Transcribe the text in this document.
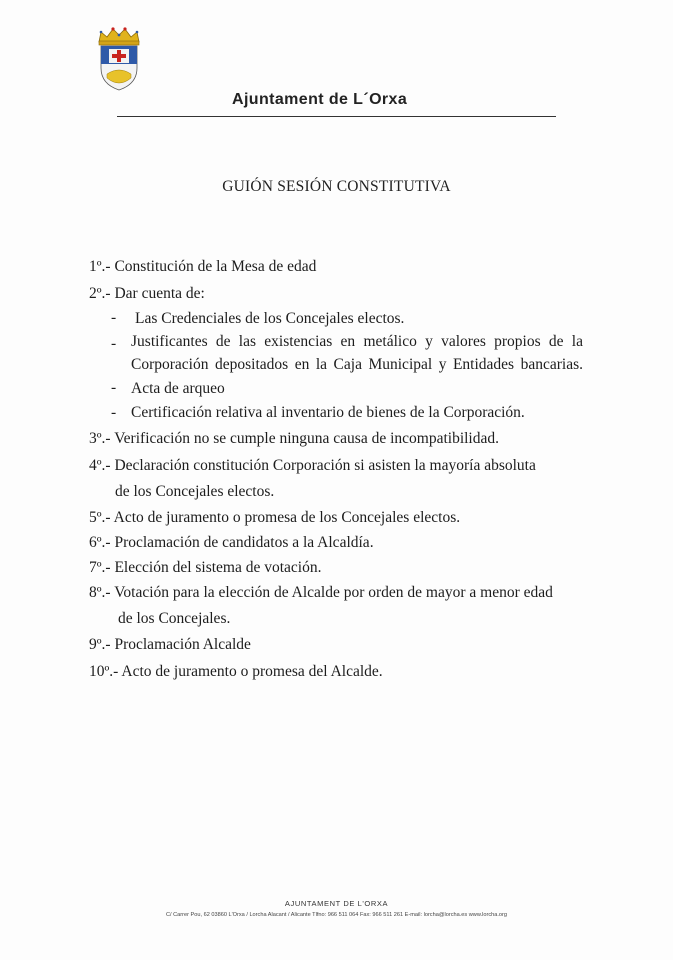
Ajuntament de L´Orxa
GUIÓN SESIÓN CONSTITUTIVA
1º.- Constitución de la Mesa de edad
2º.- Dar cuenta de:
- Las Credenciales de los Concejales electos.
- Justificantes de las existencias en metálico y valores propios de la
Corporación depositados en la Caja Municipal y Entidades bancarias.
- Acta de arqueo
- Certificación relativa al inventario de bienes de la Corporación.
3º.- Verificación no se cumple ninguna causa de incompatibilidad.
4º.- Declaración constitución Corporación si asisten la mayoría absoluta
de los Concejales electos.
5º.- Acto de juramento o promesa de los Concejales electos.
6º.- Proclamación de candidatos a la Alcaldía.
7º.- Elección del sistema de votación.
8º.- Votación para la elección de Alcalde por orden de mayor a menor edad
de los Concejales.
9º.- Proclamación Alcalde
10º.- Acto de juramento o promesa del Alcalde.
AJUNTAMENT DE L'ORXA
C/ Carrer Pou, 62 03860 L'Orxa / Lorcha Alacant / Alicante Tlfno: 966 511 064 Fax: 966 511 261 E-mail: lorcha@lorcha.es www.lorcha.org
